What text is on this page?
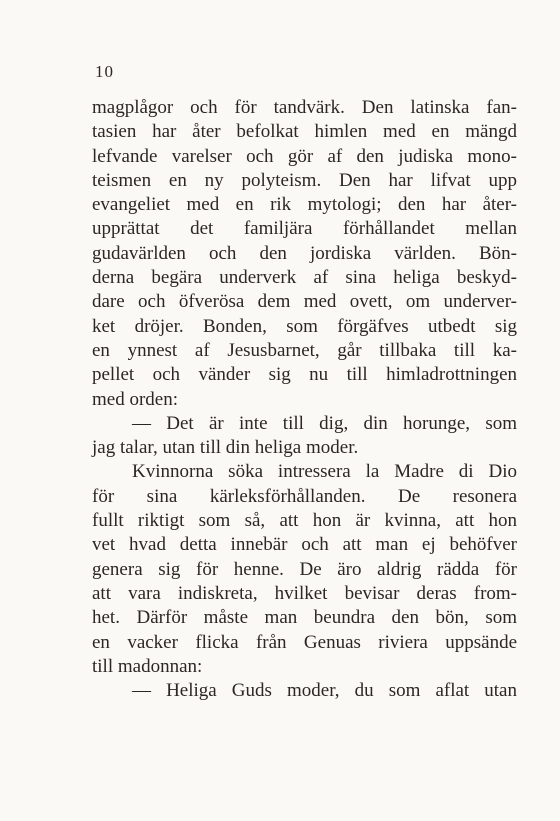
10
magplågor och för tandvärk. Den latinska fan-
tasien har åter befolkat himlen med en mängd
lefvande varelser och gör af den judiska mono-
teismen en ny polyteism. Den har lifvat upp
evangeliet med en rik mytologi; den har åter-
upprättat det familjära förhållandet mellan
gudavärlden och den jordiska världen. Bön-
derna begära underverk af sina heliga beskyd-
dare och öfverösa dem med ovett, om underver-
ket dröjer. Bonden, som förgäfves utbedt sig
en ynnest af Jesusbarnet, går tillbaka till ka-
pellet och vänder sig nu till himladrottningen
med orden:
— Det är inte till dig, din horunge, som
jag talar, utan till din heliga moder.
Kvinnorna söka intressera la Madre di Dio
för sina kärleksförhållanden. De resonera
fullt riktigt som så, att hon är kvinna, att hon
vet hvad detta innebär och att man ej behöfver
genera sig för henne. De äro aldrig rädda för
att vara indiskreta, hvilket bevisar deras from-
het. Därför måste man beundra den bön, som
en vacker flicka från Genuas riviera uppsände
till madonnan:
— Heliga Guds moder, du som aflat utan
